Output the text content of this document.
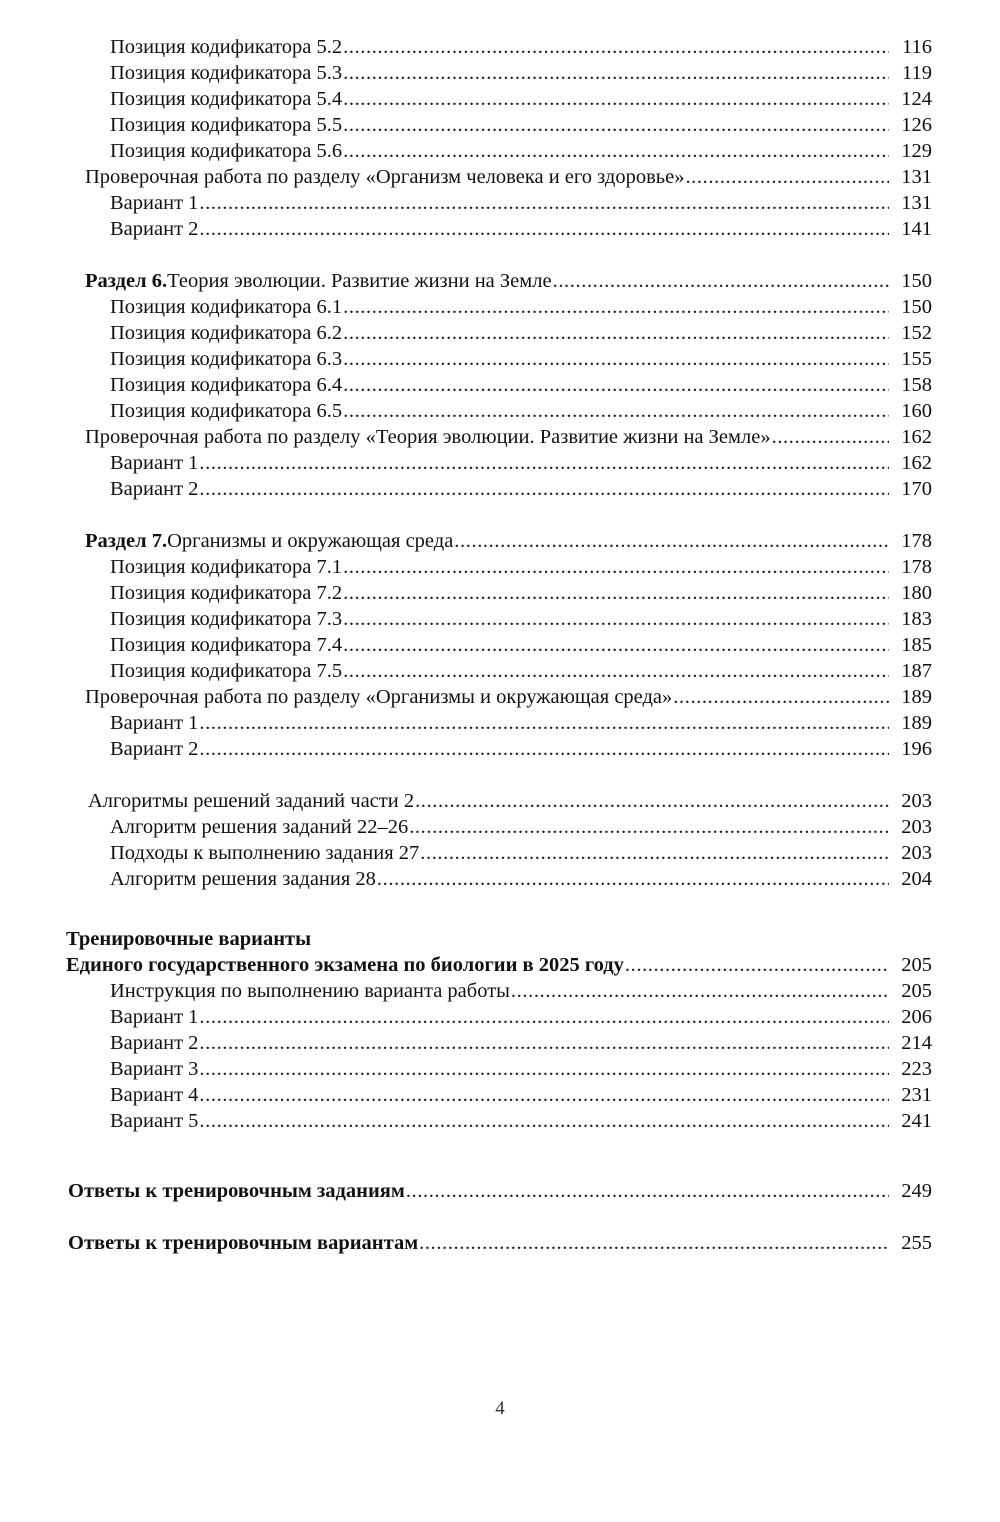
Позиция кодификатора 5.2 .....	116
Позиция кодификатора 5.3 .....	119
Позиция кодификатора 5.4 .....	124
Позиция кодификатора 5.5 .....	126
Позиция кодификатора 5.6 .....	129
Проверочная работа по разделу «Организм человека и его здоровье» .....	131
Вариант 1 .....	131
Вариант 2 .....	141
Раздел 6. Теория эволюции. Развитие жизни на Земле .....	150
Позиция кодификатора 6.1 .....	150
Позиция кодификатора 6.2 .....	152
Позиция кодификатора 6.3 .....	155
Позиция кодификатора 6.4 .....	158
Позиция кодификатора 6.5 .....	160
Проверочная работа по разделу «Теория эволюции. Развитие жизни на Земле» .....	162
Вариант 1 .....	162
Вариант 2 .....	170
Раздел 7. Организмы и окружающая среда .....	178
Позиция кодификатора 7.1 .....	178
Позиция кодификатора 7.2 .....	180
Позиция кодификатора 7.3 .....	183
Позиция кодификатора 7.4 .....	185
Позиция кодификатора 7.5 .....	187
Проверочная работа по разделу «Организмы и окружающая среда» .....	189
Вариант 1 .....	189
Вариант 2 .....	196
Алгоритмы решений заданий части 2 .....	203
Алгоритм решения заданий 22–26 .....	203
Подходы к выполнению задания 27 .....	203
Алгоритм решения задания 28 .....	204
Тренировочные варианты
Единого государственного экзамена по биологии в 2025 году .....	205
Инструкция по выполнению варианта работы .....	205
Вариант 1 .....	206
Вариант 2 .....	214
Вариант 3 .....	223
Вариант 4 .....	231
Вариант 5 .....	241
Ответы к тренировочным заданиям .....	249
Ответы к тренировочным вариантам .....	255
4
